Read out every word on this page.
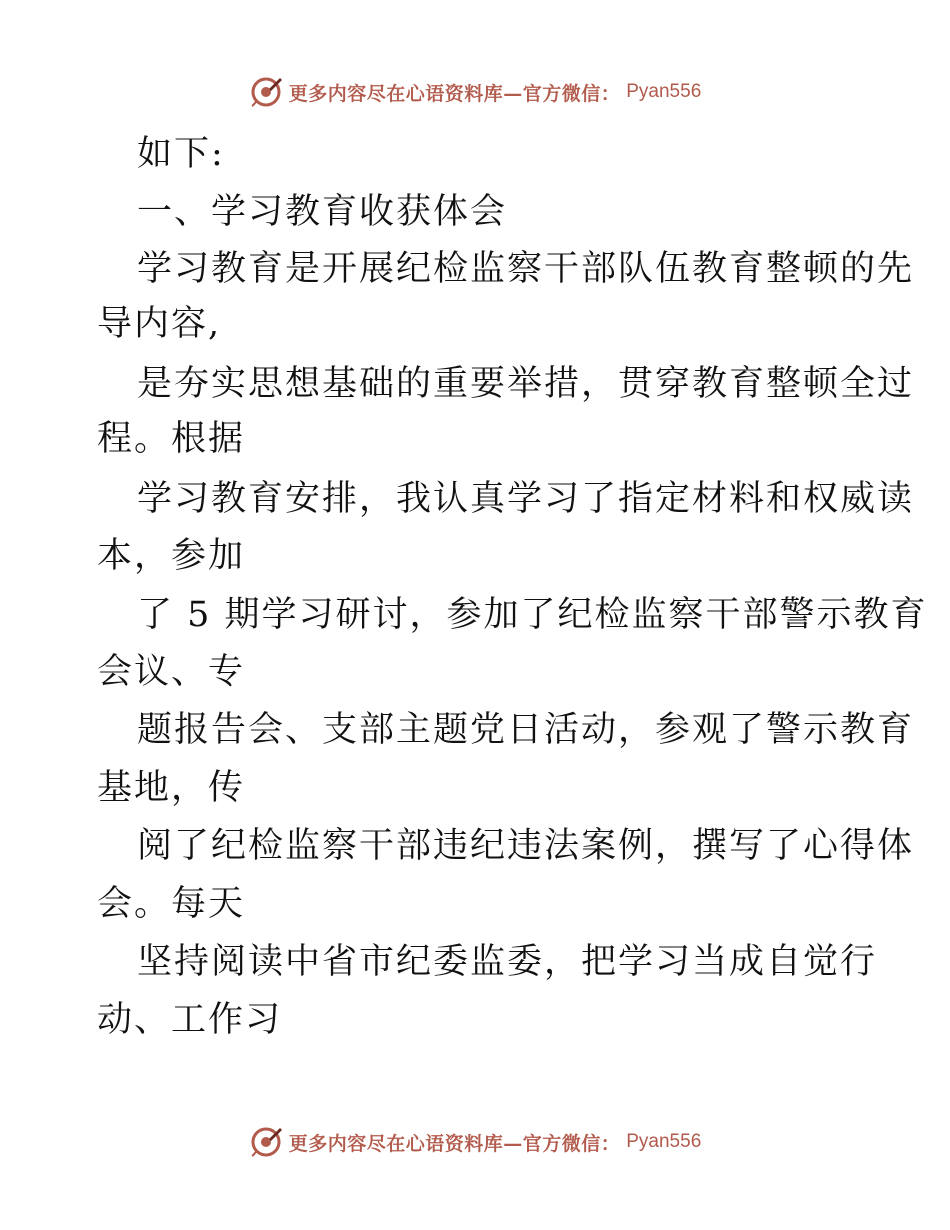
更多内容尽在心语资料库—官方微信： Pyan556
如下:
一、学习教育收获体会
学习教育是开展纪检监察干部队伍教育整顿的先
导内容,
是夯实思想基础的重要举措，贯穿教育整顿全过
程。根据
学习教育安排，我认真学习了指定材料和权威读
本，参加
了 5 期学习研讨，参加了纪检监察干部警示教育
会议、专
题报告会、支部主题党日活动，参观了警示教育
基地，传
阅了纪检监察干部违纪违法案例，撰写了心得体
会。每天
坚持阅读中省市纪委监委，把学习当成自觉行
动、工作习
更多内容尽在心语资料库—官方微信： Pyan556
